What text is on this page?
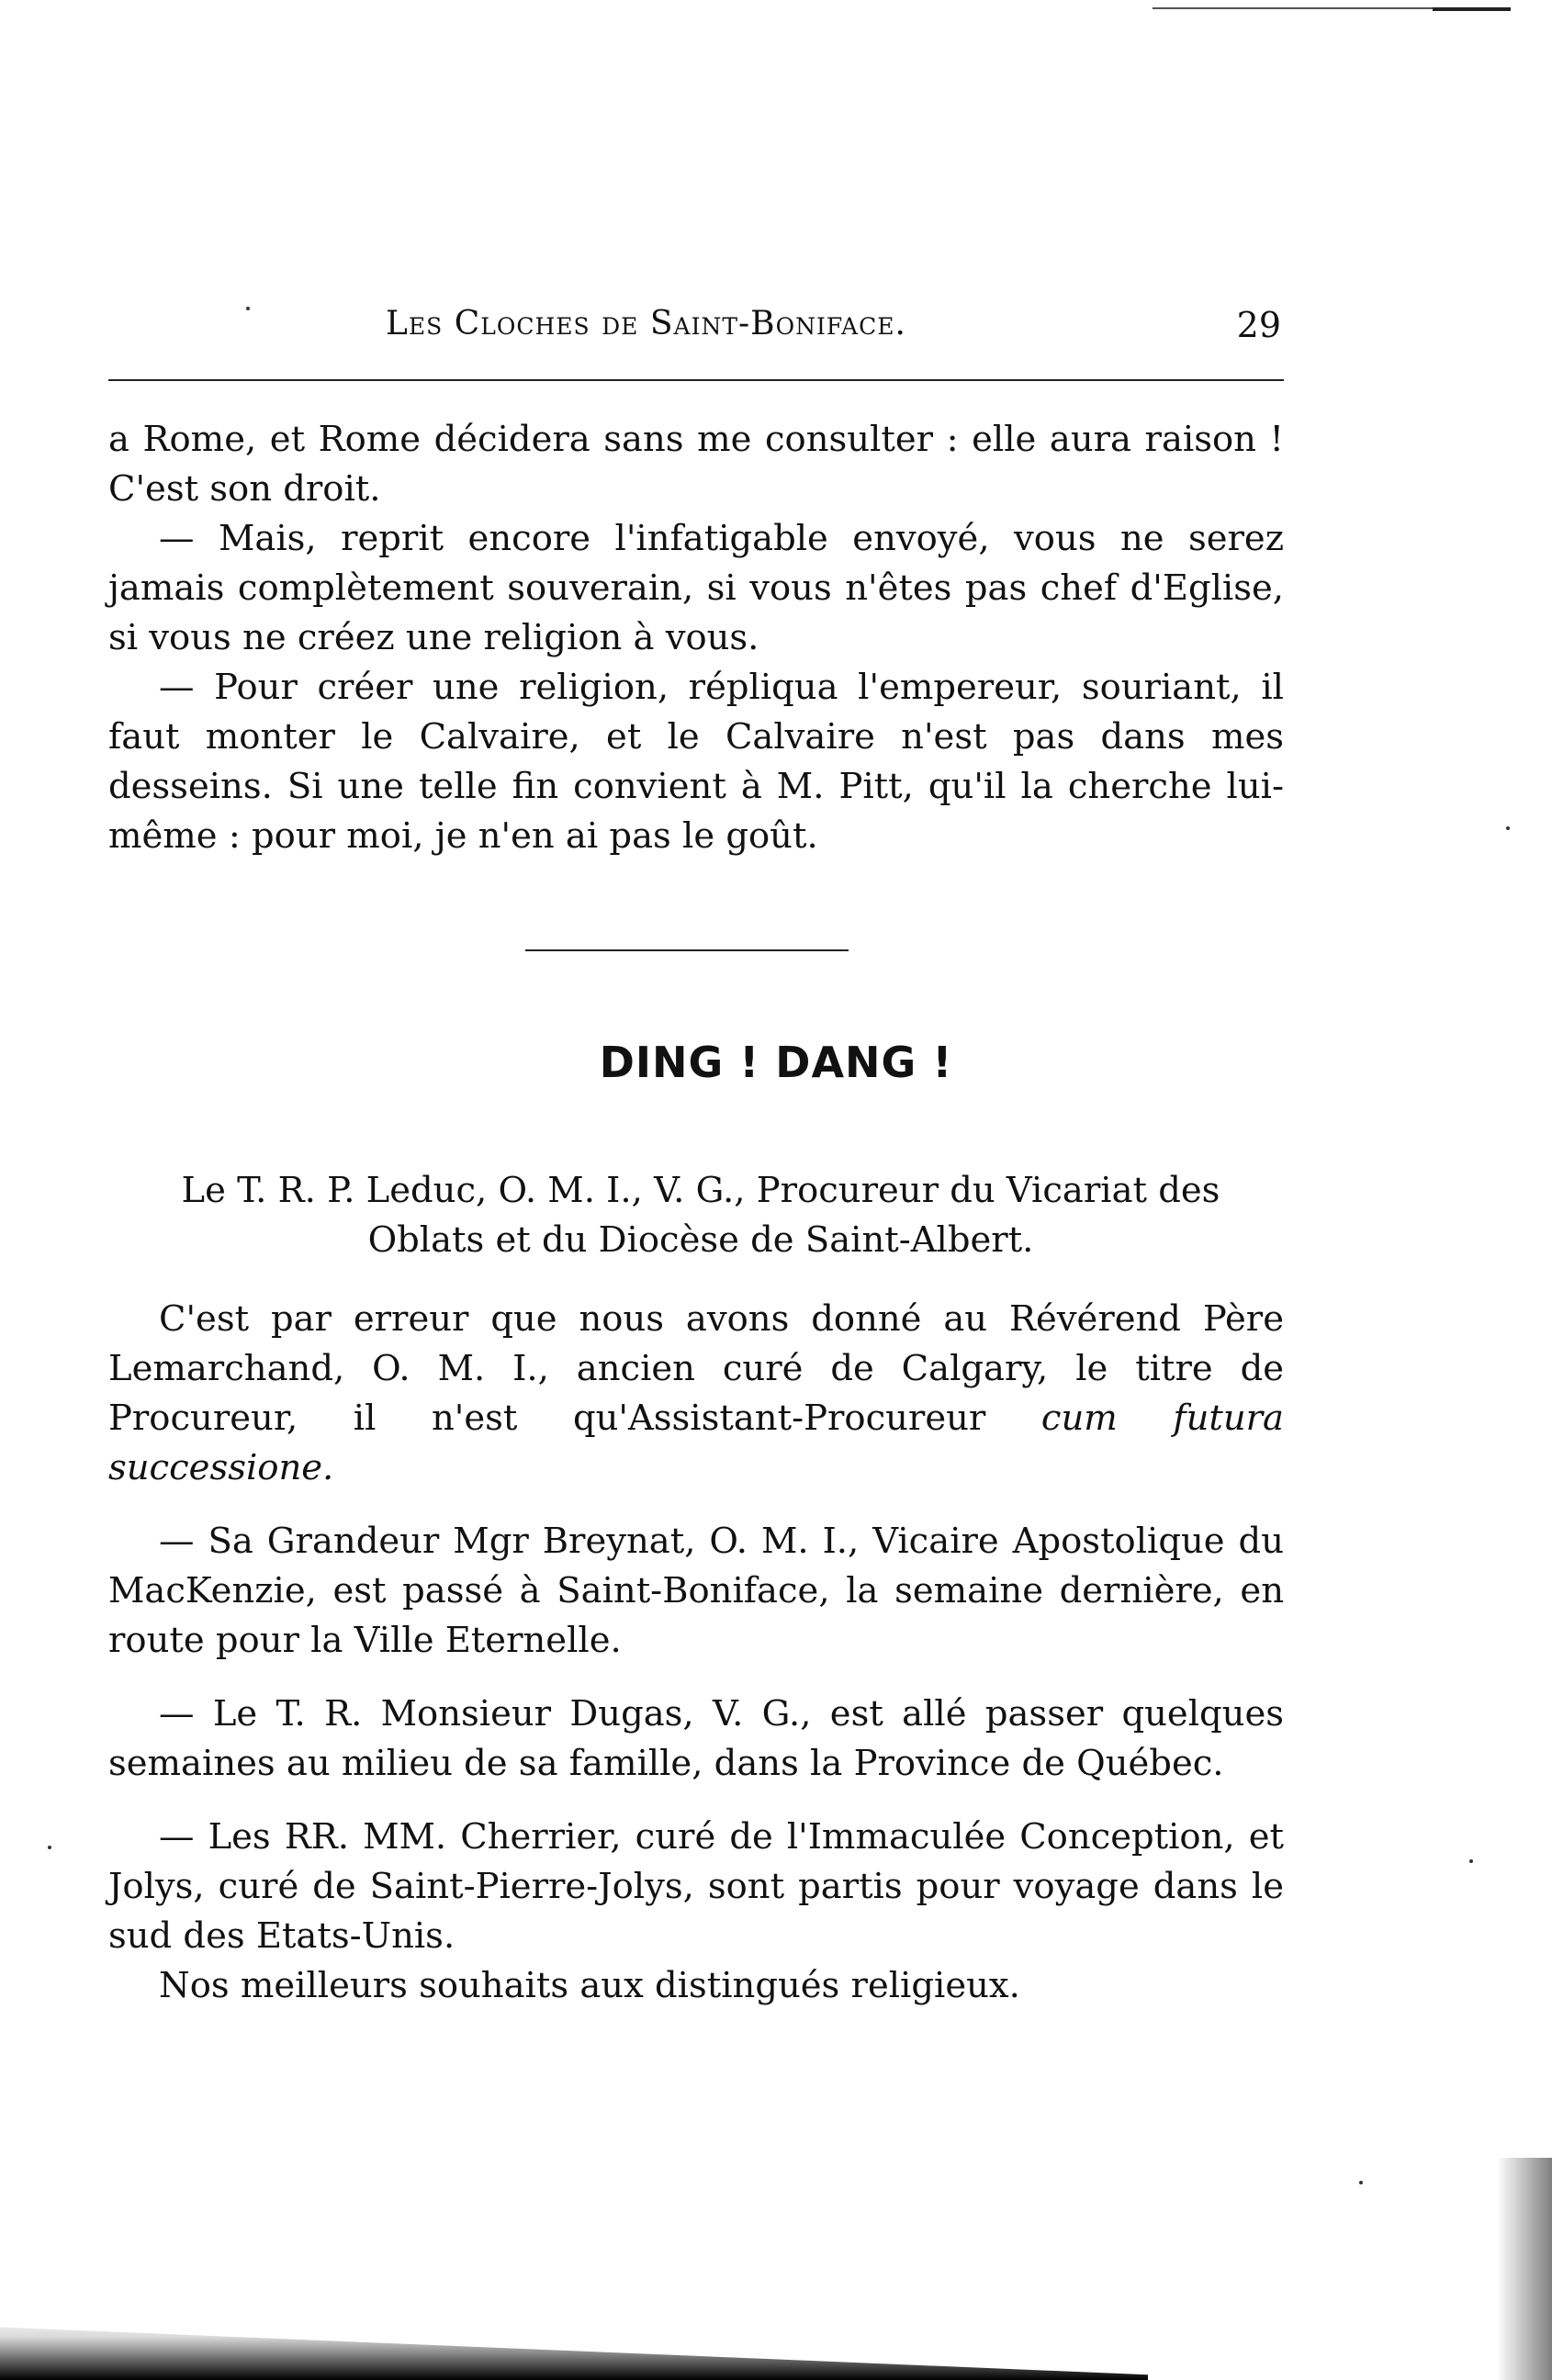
Les Cloches de Saint-Boniface.	29

a Rome, et Rome décidera sans me consulter : elle aura raison ! C'est son droit.

— Mais, reprit encore l'infatigable envoyé, vous ne serez jamais complètement souverain, si vous n'êtes pas chef d'Eglise, si vous ne créez une religion à vous.

— Pour créer une religion, répliqua l'empereur, souriant, il faut monter le Calvaire, et le Calvaire n'est pas dans mes desseins. Si une telle fin convient à M. Pitt, qu'il la cherche lui-même : pour moi, je n'en ai pas le goût.

DING ! DANG !

Le T. R. P. Leduc, O. M. I., V. G., Procureur du Vicariat des Oblats et du Diocèse de Saint-Albert.

C'est par erreur que nous avons donné au Révérend Père Lemarchand, O. M. I., ancien curé de Calgary, le titre de Procureur, il n'est qu'Assistant-Procureur cum futura successione.

— Sa Grandeur Mgr Breynat, O. M. I., Vicaire Apostolique du MacKenzie, est passé à Saint-Boniface, la semaine dernière, en route pour la Ville Eternelle.

— Le T. R. Monsieur Dugas, V. G., est allé passer quelques semaines au milieu de sa famille, dans la Province de Québec.

— Les RR. MM. Cherrier, curé de l'Immaculée Conception, et Jolys, curé de Saint-Pierre-Jolys, sont partis pour voyage dans le sud des Etats-Unis.

Nos meilleurs souhaits aux distingués religieux.
